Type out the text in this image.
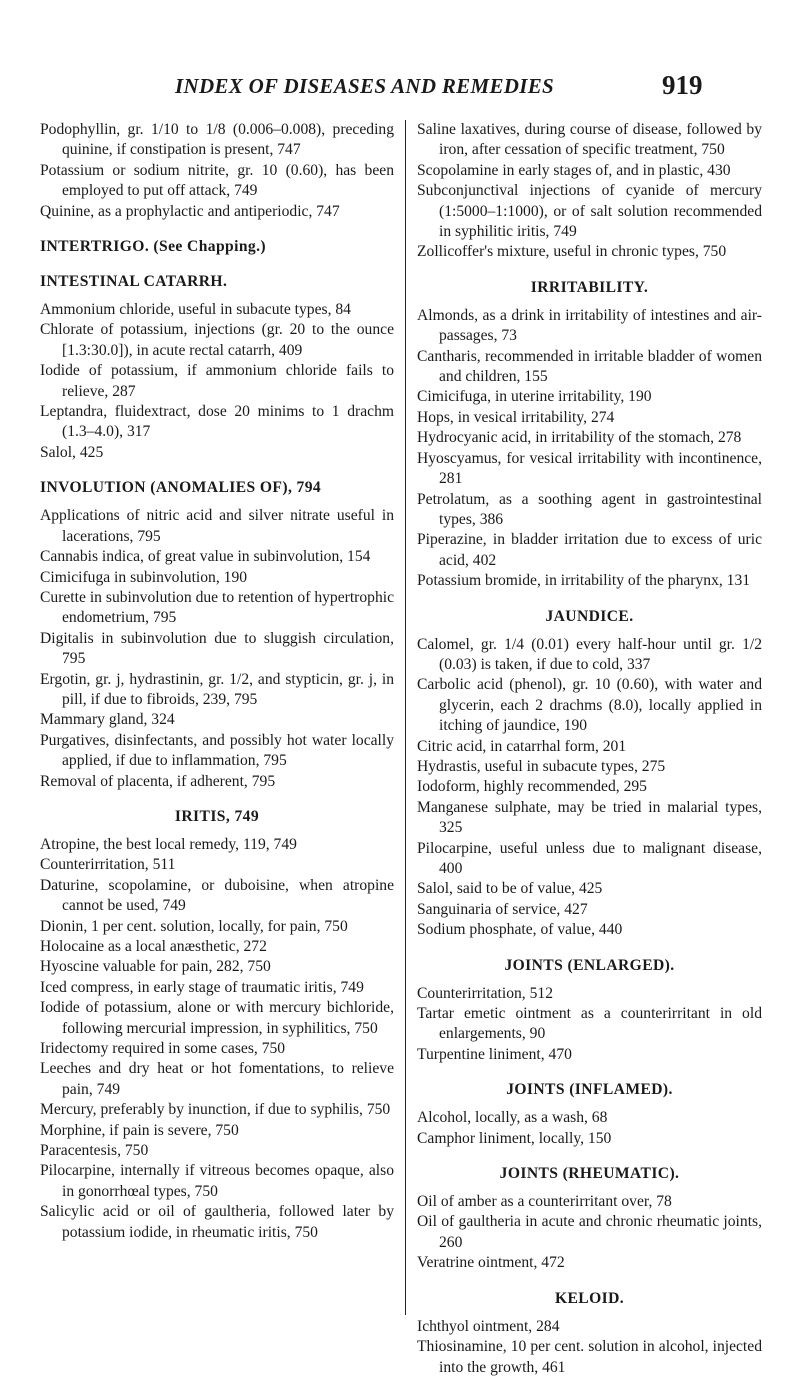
INDEX OF DISEASES AND REMEDIES	919

Podophyllin, gr. 1/10 to 1/8 (0.006–0.008), preceding quinine, if constipation is present, 747

Potassium or sodium nitrite, gr. 10 (0.60), has been employed to put off attack, 749

Quinine, as a prophylactic and antiperiodic, 747

INTERTRIGO. (See Chapping.)
INTESTINAL CATARRH.

Ammonium chloride, useful in subacute types, 84

Chlorate of potassium, injections (gr. 20 to the ounce [1.3:30.0]), in acute rectal catarrh, 409

Iodide of potassium, if ammonium chloride fails to relieve, 287

Leptandra, fluidextract, dose 20 minims to 1 drachm (1.3–4.0), 317

Salol, 425

INVOLUTION (ANOMALIES OF), 794

Applications of nitric acid and silver nitrate useful in lacerations, 795

Cannabis indica, of great value in subinvolution, 154

Cimicifuga in subinvolution, 190

Curette in subinvolution due to retention of hypertrophic endometrium, 795

Digitalis in subinvolution due to sluggish circulation, 795

Ergotin, gr. j, hydrastinin, gr. 1/2, and stypticin, gr. j, in pill, if due to fibroids, 239, 795

Mammary gland, 324

Purgatives, disinfectants, and possibly hot water locally applied, if due to inflammation, 795

Removal of placenta, if adherent, 795

IRITIS, 749

Atropine, the best local remedy, 119, 749

Counterirritation, 511

Daturine, scopolamine, or duboisine, when atropine cannot be used, 749

Dionin, 1 per cent. solution, locally, for pain, 750

Holocaine as a local anæsthetic, 272

Hyoscine valuable for pain, 282, 750

Iced compress, in early stage of traumatic iritis, 749

Iodide of potassium, alone or with mercury bichloride, following mercurial impression, in syphilitics, 750

Iridectomy required in some cases, 750

Leeches and dry heat or hot fomentations, to relieve pain, 749

Mercury, preferably by inunction, if due to syphilis, 750

Morphine, if pain is severe, 750

Paracentesis, 750

Pilocarpine, internally if vitreous becomes opaque, also in gonorrhœal types, 750

Salicylic acid or oil of gaultheria, followed later by potassium iodide, in rheumatic iritis, 750

Saline laxatives, during course of disease, followed by iron, after cessation of specific treatment, 750

Scopolamine in early stages of, and in plastic, 430

Subconjunctival injections of cyanide of mercury (1:5000–1:1000), or of salt solution recommended in syphilitic iritis, 749

Zollicoffer's mixture, useful in chronic types, 750

IRRITABILITY.

Almonds, as a drink in irritability of intestines and air-passages, 73

Cantharis, recommended in irritable bladder of women and children, 155

Cimicifuga, in uterine irritability, 190

Hops, in vesical irritability, 274

Hydrocyanic acid, in irritability of the stomach, 278

Hyoscyamus, for vesical irritability with incontinence, 281

Petrolatum, as a soothing agent in gastrointestinal types, 386

Piperazine, in bladder irritation due to excess of uric acid, 402

Potassium bromide, in irritability of the pharynx, 131

JAUNDICE.

Calomel, gr. 1/4 (0.01) every half-hour until gr. 1/2 (0.03) is taken, if due to cold, 337

Carbolic acid (phenol), gr. 10 (0.60), with water and glycerin, each 2 drachms (8.0), locally applied in itching of jaundice, 190

Citric acid, in catarrhal form, 201

Hydrastis, useful in subacute types, 275

Iodoform, highly recommended, 295

Manganese sulphate, may be tried in malarial types, 325

Pilocarpine, useful unless due to malignant disease, 400

Salol, said to be of value, 425

Sanguinaria of service, 427

Sodium phosphate, of value, 440

JOINTS (ENLARGED).

Counterirritation, 512

Tartar emetic ointment as a counterirritant in old enlargements, 90

Turpentine liniment, 470

JOINTS (INFLAMED).

Alcohol, locally, as a wash, 68

Camphor liniment, locally, 150

JOINTS (RHEUMATIC).

Oil of amber as a counterirritant over, 78

Oil of gaultheria in acute and chronic rheumatic joints, 260

Veratrine ointment, 472

KELOID.

Ichthyol ointment, 284

Thiosinamine, 10 per cent. solution in alcohol, injected into the growth, 461
